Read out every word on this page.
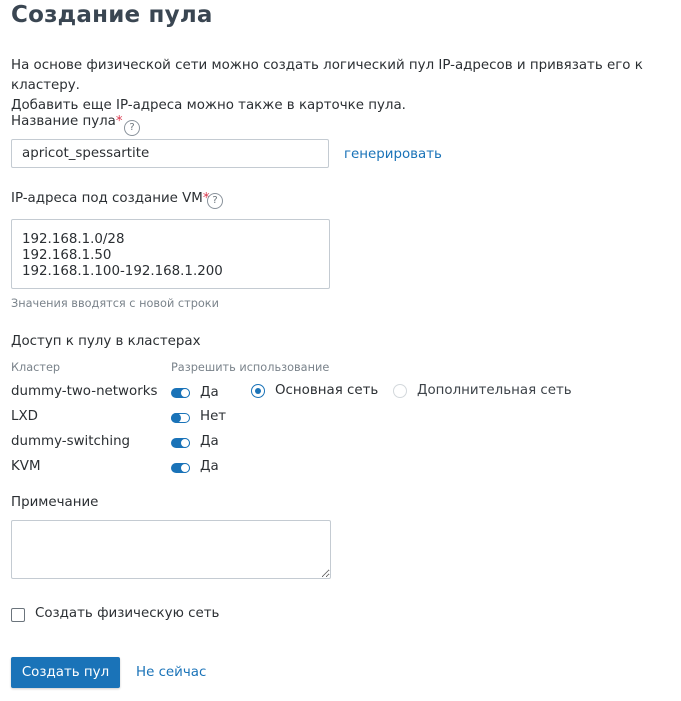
Создание пула
На основе физической сети можно создать логический пул IP-адресов и привязать его к кластеру.
Добавить еще IP-адреса можно также в карточке пула.
Название пула* ?
apricot_spessartite
генерировать
IP-адреса под создание VM* ?
192.168.1.0/28 192.168.1.50 192.168.1.100-192.168.1.200
Значения вводятся с новой строки
Доступ к пулу в кластерах
Кластер	Разрешить использование
dummy-two-networks	Да	Основная сеть	Дополнительная сеть
LXD	Нет
dummy-switching	Да
KVM	Да
Примечание
Создать физическую сеть
Создать пул	Не сейчас
